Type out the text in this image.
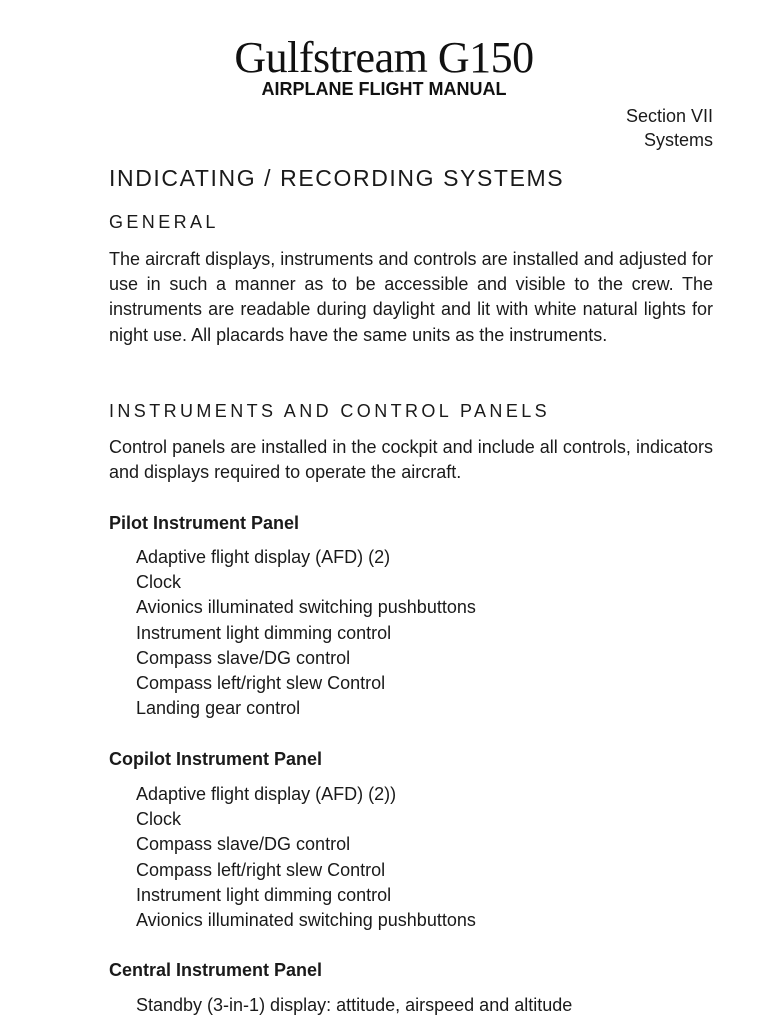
Gulfstream G150
AIRPLANE FLIGHT MANUAL
Section VII
Systems
INDICATING / RECORDING SYSTEMS
GENERAL
The aircraft displays, instruments and controls are installed and adjusted for use in such a manner as to be accessible and visible to the crew. The instruments are readable during daylight and lit with white natural lights for night use. All placards have the same units as the instruments.
INSTRUMENTS AND CONTROL PANELS
Control panels are installed in the cockpit and include all controls, indicators and displays required to operate the aircraft.
Pilot Instrument Panel
Adaptive flight display (AFD) (2)
Clock
Avionics illuminated switching pushbuttons
Instrument light dimming control
Compass slave/DG control
Compass left/right slew Control
Landing gear control
Copilot Instrument Panel
Adaptive flight display (AFD) (2))
Clock
Compass slave/DG control
Compass left/right slew Control
Instrument light dimming control
Avionics illuminated switching pushbuttons
Central Instrument Panel
Standby (3-in-1) display: attitude, airspeed and altitude
